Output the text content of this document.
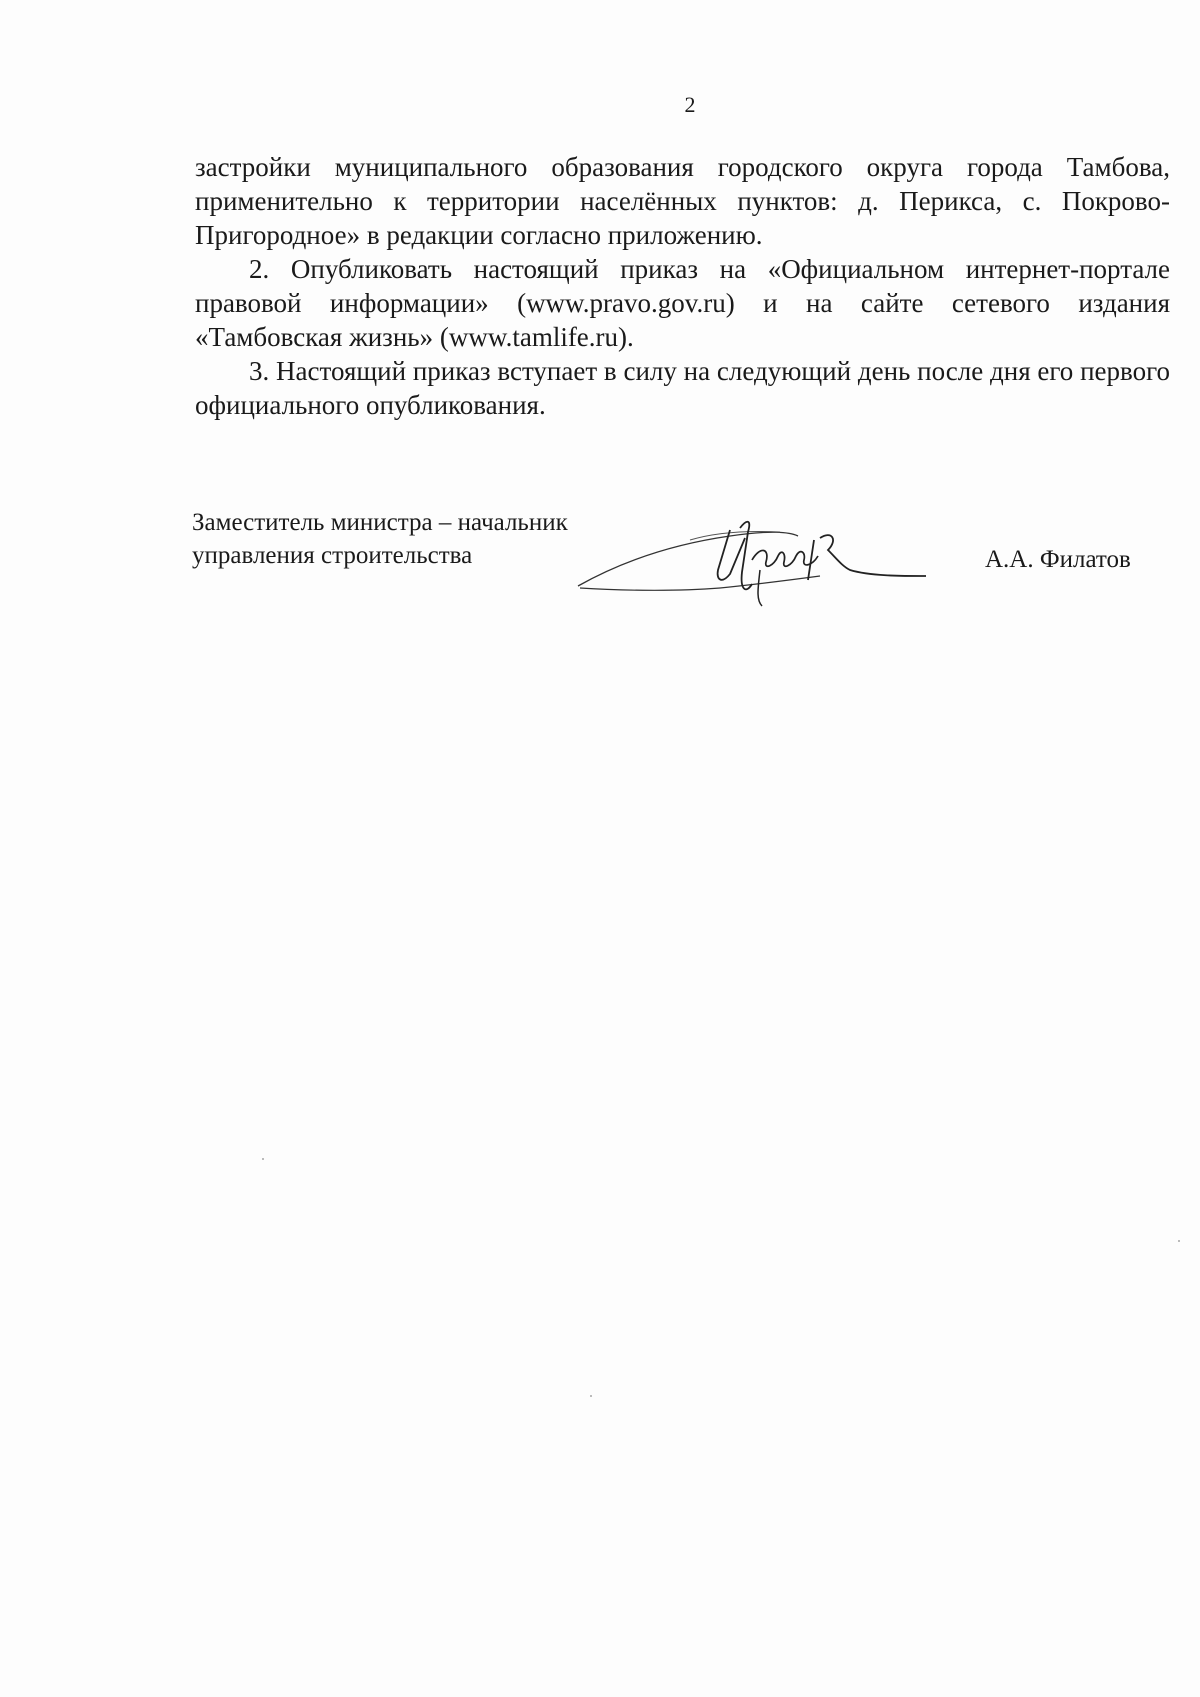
2

застройки муниципального образования городского округа города Тамбова, применительно к территории населённых пунктов: д. Перикса, с. Покрово-Пригородное» в редакции согласно приложению.

2. Опубликовать настоящий приказ на «Официальном интернет-портале правовой информации» (www.pravo.gov.ru) и на сайте сетевого издания «Тамбовская жизнь» (www.tamlife.ru).

3. Настоящий приказ вступает в силу на следующий день после дня его первого официального опубликования.

Заместитель министра – начальник
управления строительства	А.А. Филатов
